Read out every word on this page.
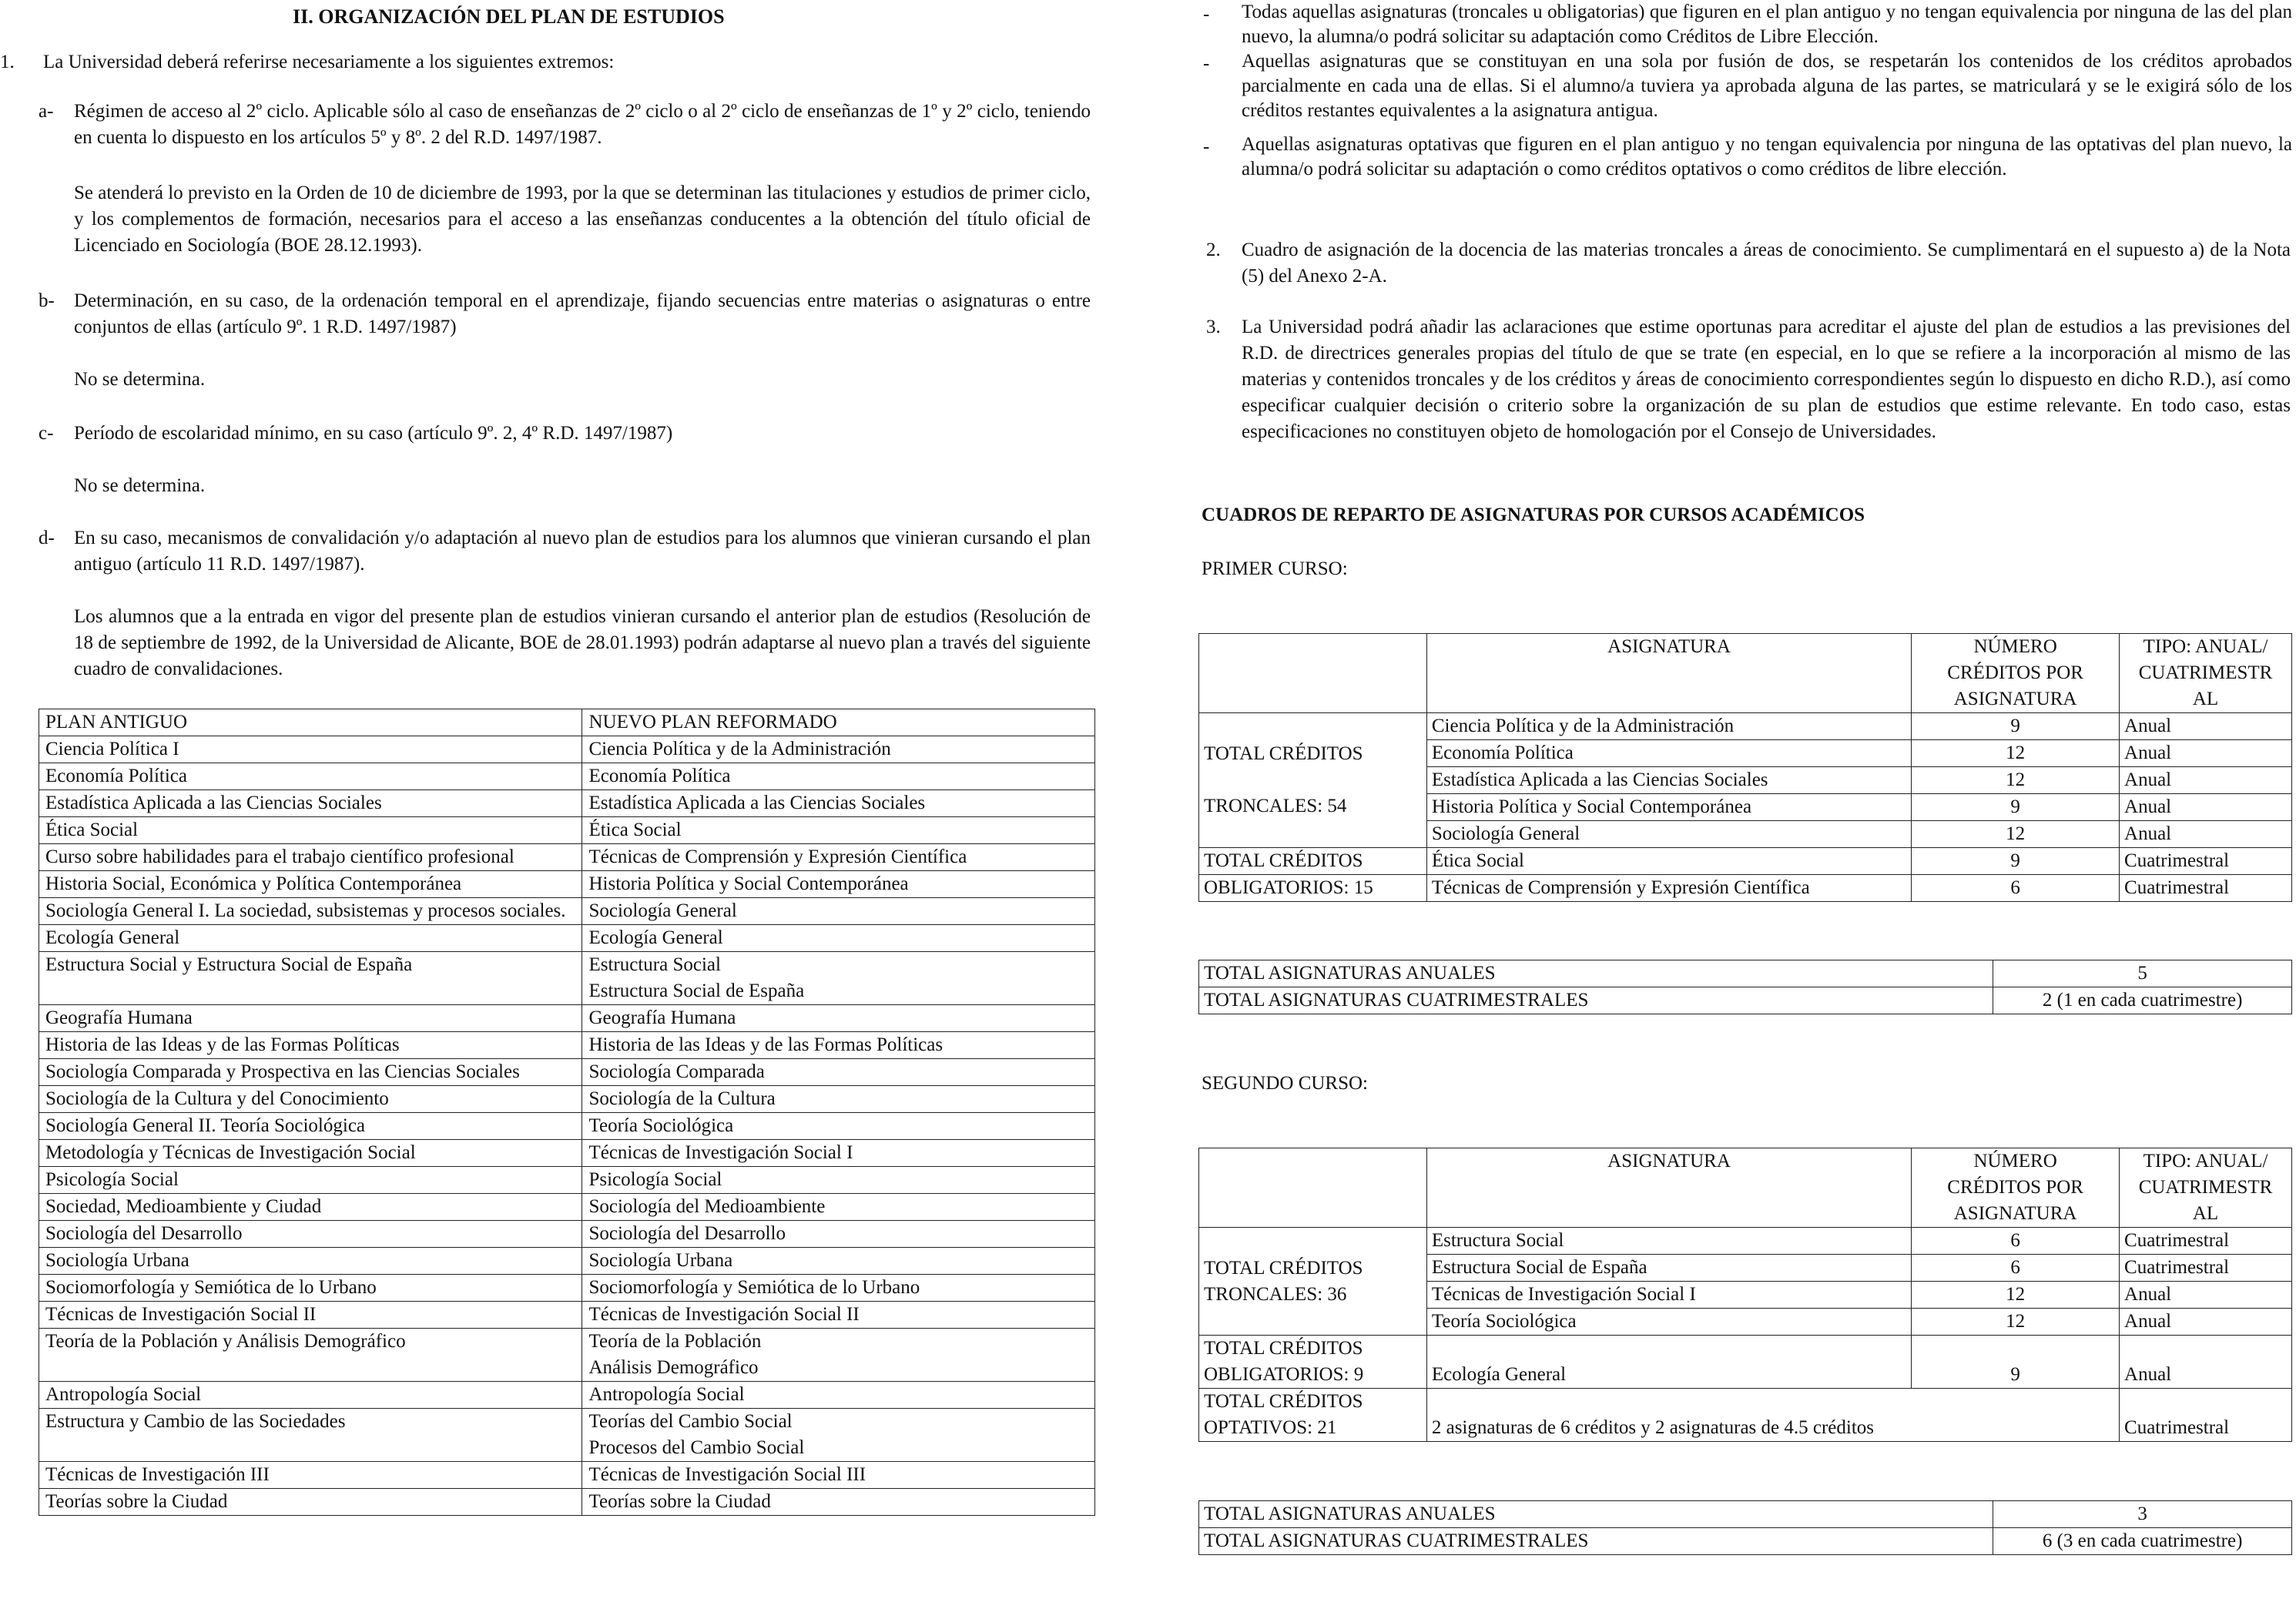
II. ORGANIZACIÓN DEL PLAN DE ESTUDIOS
1. La Universidad deberá referirse necesariamente a los siguientes extremos:

a- Régimen de acceso al 2º ciclo. Aplicable sólo al caso de enseñanzas de 2º ciclo o al 2º ciclo de enseñanzas de 1º y 2º ciclo, teniendo en cuenta lo dispuesto en los artículos 5º y 8º. 2 del R.D. 1497/1987.

Se atenderá lo previsto en la Orden de 10 de diciembre de 1993, por la que se determinan las titulaciones y estudios de primer ciclo, y los complementos de formación, necesarios para el acceso a las enseñanzas conducentes a la obtención del título oficial de Licenciado en Sociología (BOE 28.12.1993).

b- Determinación, en su caso, de la ordenación temporal en el aprendizaje, fijando secuencias entre materias o asignaturas o entre conjuntos de ellas (artículo 9º. 1 R.D. 1497/1987)

No se determina.

c- Período de escolaridad mínimo, en su caso (artículo 9º. 2, 4º R.D. 1497/1987)

No se determina.

d- En su caso, mecanismos de convalidación y/o adaptación al nuevo plan de estudios para los alumnos que vinieran cursando el plan antiguo (artículo 11 R.D. 1497/1987).

Los alumnos que a la entrada en vigor del presente plan de estudios vinieran cursando el anterior plan de estudios (Resolución de 18 de septiembre de 1992, de la Universidad de Alicante, BOE de 28.01.1993) podrán adaptarse al nuevo plan a través del siguiente cuadro de convalidaciones.

PLAN ANTIGUO	NUEVO PLAN REFORMADO
Ciencia Política I	Ciencia Política y de la Administración
Economía Política	Economía Política
Estadística Aplicada a las Ciencias Sociales	Estadística Aplicada a las Ciencias Sociales
Ética Social	Ética Social
Curso sobre habilidades para el trabajo científico profesional	Técnicas de Comprensión y Expresión Científica
Historia Social, Económica y Política Contemporánea	Historia Política y Social Contemporánea
Sociología General I. La sociedad, subsistemas y procesos sociales.	Sociología General
Ecología General	Ecología General
Estructura Social y Estructura Social de España	Estructura Social
Estructura Social de España
Geografía Humana	Geografía Humana
Historia de las Ideas y de las Formas Políticas	Historia de las Ideas y de las Formas Políticas
Sociología Comparada y Prospectiva en las Ciencias Sociales	Sociología Comparada
Sociología de la Cultura y del Conocimiento	Sociología de la Cultura
Sociología General II. Teoría Sociológica	Teoría Sociológica
Metodología y Técnicas de Investigación Social	Técnicas de Investigación Social I
Psicología Social	Psicología Social
Sociedad, Medioambiente y Ciudad	Sociología del Medioambiente
Sociología del Desarrollo	Sociología del Desarrollo
Sociología Urbana	Sociología Urbana
Sociomorfología y Semiótica de lo Urbano	Sociomorfología y Semiótica de lo Urbano
Técnicas de Investigación Social II	Técnicas de Investigación Social II
Teoría de la Población y Análisis Demográfico	Teoría de la Población
Análisis Demográfico
Antropología Social	Antropología Social
Estructura y Cambio de las Sociedades	Teorías del Cambio Social
Procesos del Cambio Social
Técnicas de Investigación III	Técnicas de Investigación Social III
Teorías sobre la Ciudad	Teorías sobre la Ciudad
- Todas aquellas asignaturas (troncales u obligatorias) que figuren en el plan antiguo y no tengan equivalencia por ninguna de las del plan nuevo, la alumna/o podrá solicitar su adaptación como Créditos de Libre Elección.

- Aquellas asignaturas que se constituyan en una sola por fusión de dos, se respetarán los contenidos de los créditos aprobados parcialmente en cada una de ellas. Si el alumno/a tuviera ya aprobada alguna de las partes, se matriculará y se le exigirá sólo de los créditos restantes equivalentes a la asignatura antigua.

- Aquellas asignaturas optativas que figuren en el plan antiguo y no tengan equivalencia por ninguna de las optativas del plan nuevo, la alumna/o podrá solicitar su adaptación o como créditos optativos o como créditos de libre elección.

2. Cuadro de asignación de la docencia de las materias troncales a áreas de conocimiento. Se cumplimentará en el supuesto a) de la Nota (5) del Anexo 2-A.

3. La Universidad podrá añadir las aclaraciones que estime oportunas para acreditar el ajuste del plan de estudios a las previsiones del R.D. de directrices generales propias del título de que se trate (en especial, en lo que se refiere a la incorporación al mismo de las materias y contenidos troncales y de los créditos y áreas de conocimiento correspondientes según lo dispuesto en dicho R.D.), así como especificar cualquier decisión o criterio sobre la organización de su plan de estudios que estime relevante. En todo caso, estas especificaciones no constituyen objeto de homologación por el Consejo de Universidades.

CUADROS DE REPARTO DE ASIGNATURAS POR CURSOS ACADÉMICOS
PRIMER CURSO:
	ASIGNATURA	NÚMERO
CRÉDITOS POR
ASIGNATURA	TIPO: ANUAL/
CUATRIMESTR
AL

TOTAL CRÉDITOS
TRONCALES: 54	Ciencia Política y de la Administración	9	Anual
	Economía Política	12	Anual
	Estadística Aplicada a las Ciencias Sociales	12	Anual
	Historia Política y Social Contemporánea	9	Anual
	Sociología General	12	Anual
TOTAL CRÉDITOS	Ética Social	9	Cuatrimestral
OBLIGATORIOS: 15	Técnicas de Comprensión y Expresión Científica	6	Cuatrimestral
TOTAL ASIGNATURAS ANUALES	5
TOTAL ASIGNATURAS CUATRIMESTRALES	2 (1 en cada cuatrimestre)
SEGUNDO CURSO:
	ASIGNATURA	NÚMERO
CRÉDITOS POR
ASIGNATURA	TIPO: ANUAL/
CUATRIMESTR
AL

TOTAL CRÉDITOS
TRONCALES: 36	Estructura Social	6	Cuatrimestral
	Estructura Social de España	6	Cuatrimestral
	Técnicas de Investigación Social I	12	Anual
	Teoría Sociológica	12	Anual

TOTAL CRÉDITOS
OBLIGATORIOS: 9	Ecología General	9	Anual

TOTAL CRÉDITOS
OPTATIVOS: 21	2 asignaturas de 6 créditos y 2 asignaturas de 4.5 créditos		Cuatrimestral
TOTAL ASIGNATURAS ANUALES	3
TOTAL ASIGNATURAS CUATRIMESTRALES	6 (3 en cada cuatrimestre)
